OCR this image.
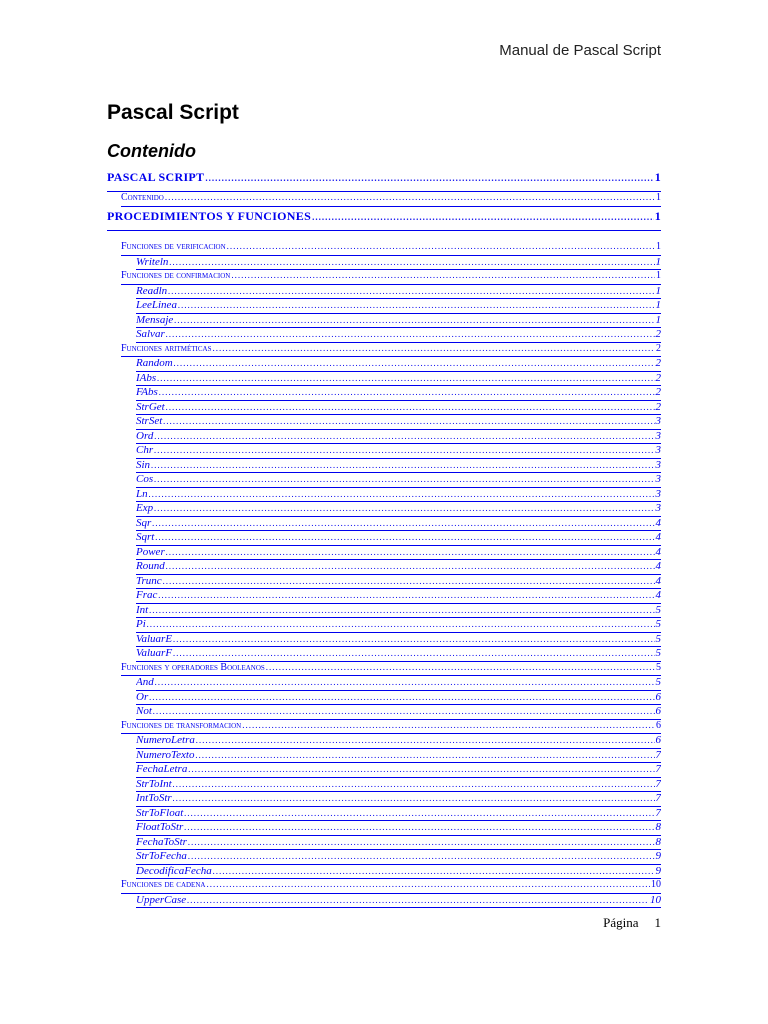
Manual de Pascal Script
Pascal Script
Contenido
PASCAL SCRIPT .....	1
Contenido .....	1
PROCEDIMIENTOS Y FUNCIONES .....	1
Funciones de verificacion .....	1
Writeln .....	1
Funciones de confirmacion .....	1
Readln .....	1
LeeLinea .....	1
Mensaje .....	1
Salvar .....	2
Funciones aritméticas .....	2
Random .....	2
IAbs .....	2
FAbs .....	2
StrGet .....	2
StrSet .....	3
Ord .....	3
Chr .....	3
Sin .....	3
Cos .....	3
Ln .....	3
Exp .....	3
Sqr .....	4
Sqrt .....	4
Power .....	4
Round .....	4
Trunc .....	4
Frac .....	4
Int .....	5
Pi .....	5
ValuarE .....	5
ValuarF .....	5
Funciones y operadores Booleanos .....	5
And .....	5
Or .....	6
Not .....	6
Funciones de transformacion .....	6
NumeroLetra .....	6
NumeroTexto .....	7
FechaLetra .....	7
StrToInt .....	7
IntToStr .....	7
StrToFloat .....	7
FloatToStr .....	8
FechaToStr .....	8
StrToFecha .....	9
DecodificaFecha .....	9
Funciones de cadena .....	10
UpperCase .....	10
Página 1
